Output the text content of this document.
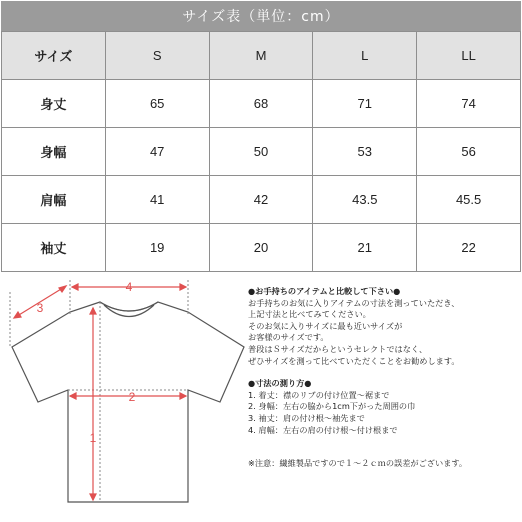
サイズ表（単位：cm）
サイズ	S	M	L	LL
身丈	65	68	71	74
身幅	47	50	53	56
肩幅	41	42	43.5	45.5
袖丈	19	20	21	22
4
2
1
3

●お手持ちのアイテムと比較して下さい●

お手持ちのお気に入りアイテムの寸法を測っていただき、

上記寸法と比べてみてください。

そのお気に入りサイズに最も近いサイズが

お客様のサイズです。

普段はＳサイズだからというセレクトではなく、

ぜひサイズを測って比べていただくことをお勧めします。

●寸法の測り方●

1. 着丈：襟のリブの付け位置～裾まで

2. 身幅：左右の脇から1cm下がった周囲の巾

3. 袖丈：肩の付け根～袖先まで

4. 肩幅：左右の肩の付け根～付け根まで

※注意：繊維製品ですので１～２ｃｍの誤差がございます。
